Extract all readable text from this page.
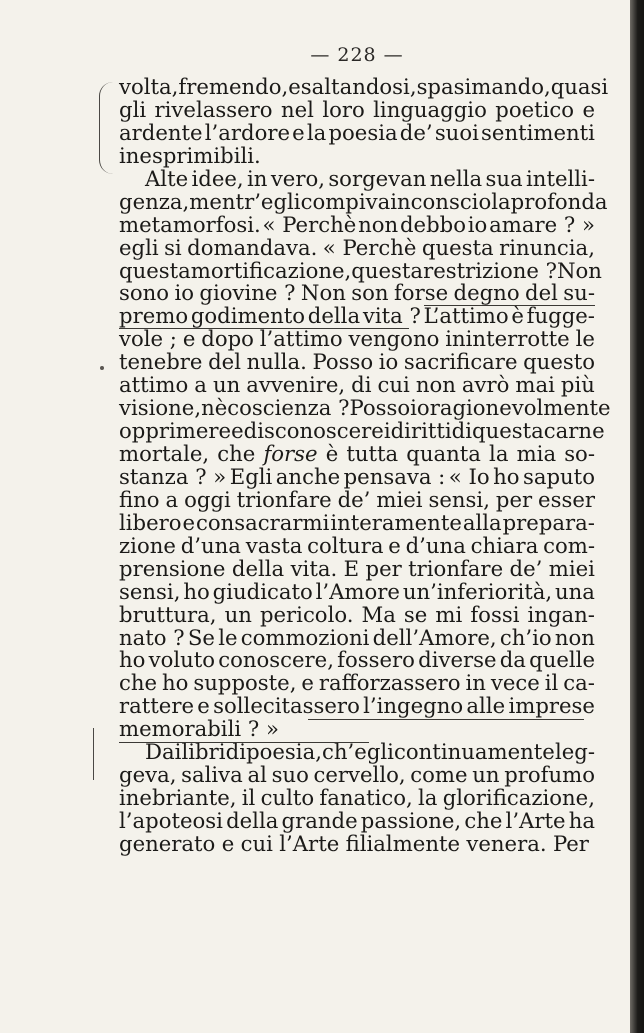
— 228 —
volta, fremendo, esaltandosi, spasimando, quasi
gli rivelassero nel loro linguaggio poetico e
ardente l’ardore e la poesia de’ suoi sentimenti
inesprimibili.
Alte idee, in vero, sorgevan nella sua intelli-
genza, mentr’egli compiva inconscio la profonda
metamorfosi. « Perchè non debbo io amare ? »
egli si domandava. « Perchè questa rinuncia,
questa mortificazione, questa restrizione ? Non
sono io giovine ? Non son forse degno del su-
premo godimento della vita ? L’attimo è fugge-
vole ; e dopo l’attimo vengono ininterrotte le
tenebre del nulla. Posso io sacrificare questo
attimo a un avvenire, di cui non avrò mai più
visione, nè coscienza ? Posso io ragionevolmente
opprimere e disconoscere i diritti di questa carne
mortale, che forse è tutta quanta la mia so-
stanza ? » Egli anche pensava : « Io ho saputo
fino a oggi trionfare de’ miei sensi, per esser
libero e consacrarmi interamente alla prepara-
zione d’una vasta coltura e d’una chiara com-
prensione della vita. E per trionfare de’ miei
sensi, ho giudicato l’Amore un’inferiorità, una
bruttura, un pericolo. Ma se mi fossi ingan-
nato ? Se le commozioni dell’Amore, ch’io non
ho voluto conoscere, fossero diverse da quelle
che ho supposte, e rafforzassero in vece il ca-
rattere e sollecitassero l’ingegno alle imprese
memorabili ? »
Dai libri di poesia, ch’egli continuamente leg-
geva, saliva al suo cervello, come un profumo
inebriante, il culto fanatico, la glorificazione,
l’apoteosi della grande passione, che l’Arte ha
generato e cui l’Arte filialmente venera. Per
